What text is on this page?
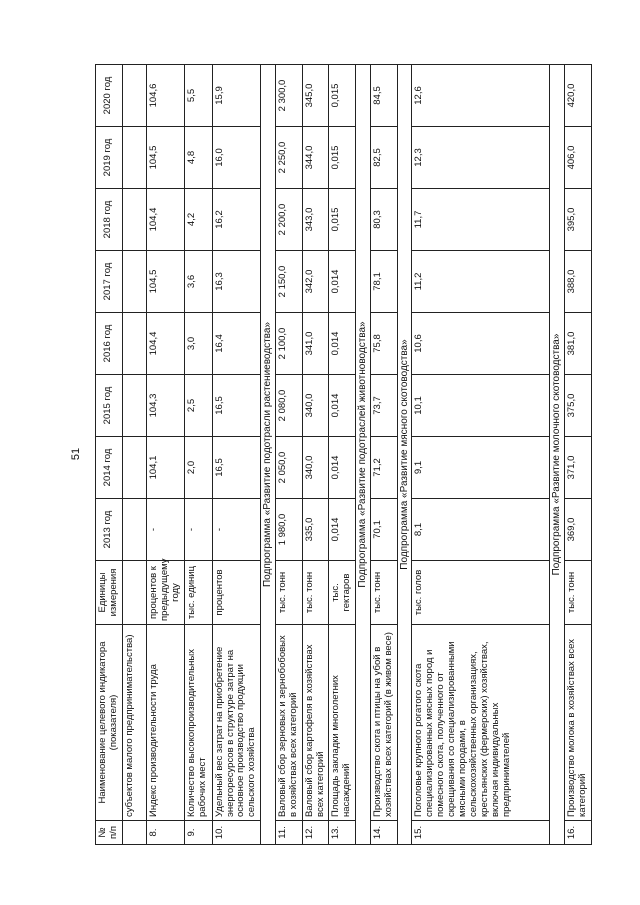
51
№ п/п	Наименование целевого индикатора (показателя)	Единицы измерения	2013 год	2014 год	2015 год	2016 год	2017 год	2018 год	2019 год	2020 год
	субъектов малого предпринимательства)									
8.	Индекс производительности труда	процентов к предыдущему году	-	104,1	104,3	104,4	104,5	104,4	104,5	104,6
9.	Количество высокопроизводительных рабочих мест	тыс. единиц	-	2,0	2,5	3,0	3,6	4,2	4,8	5,5
10.	Удельный вес затрат на приобретение энергоресурсов в структуре затрат на основное производство продукции сельского хозяйства	процентов	-	16,5	16,5	16,4	16,3	16,2	16,0	15,9
Подпрограмма «Развитие подотрасли растениеводства»										
11.	Валовый сбор зерновых и зернобобовых в хозяйствах всех категорий	тыс. тонн	1 980,0	2 050,0	2 080,0	2 100,0	2 150,0	2 200,0	2 250,0	2 300,0
12.	Валовый сбор картофеля в хозяйствах всех категорий	тыс. тонн	335,0	340,0	340,0	341,0	342,0	343,0	344,0	345,0
13.	Площадь закладки многолетних насаждений	тыс. гектаров	0,014	0,014	0,014	0,014	0,014	0,015	0,015	0,015
Подпрограмма «Развитие подотраслей животноводства»										
14.	Производство скота и птицы на убой в хозяйствах всех категорий (в живом весе)	тыс. тонн	70,1	71,2	73,7	75,8	78,1	80,3	82,5	84,5
Подпрограмма «Развитие мясного скотоводства»										
15.	Поголовье крупного рогатого скота специализированных мясных пород и помесного скота, полученного от скрещивания со специализированными мясными породами, в сельскохозяйственных организациях, крестьянских (фермерских) хозяйствах, включая индивидуальных предпринимателей	тыс. голов	8,1	9,1	10,1	10,6	11,2	11,7	12,3	12,6
Подпрограмма «Развитие молочного скотоводства»										
16.	Производство молока в хозяйствах всех категорий	тыс. тонн	369,0	371,0	375,0	381,0	388,0	395,0	406,0	420,0
